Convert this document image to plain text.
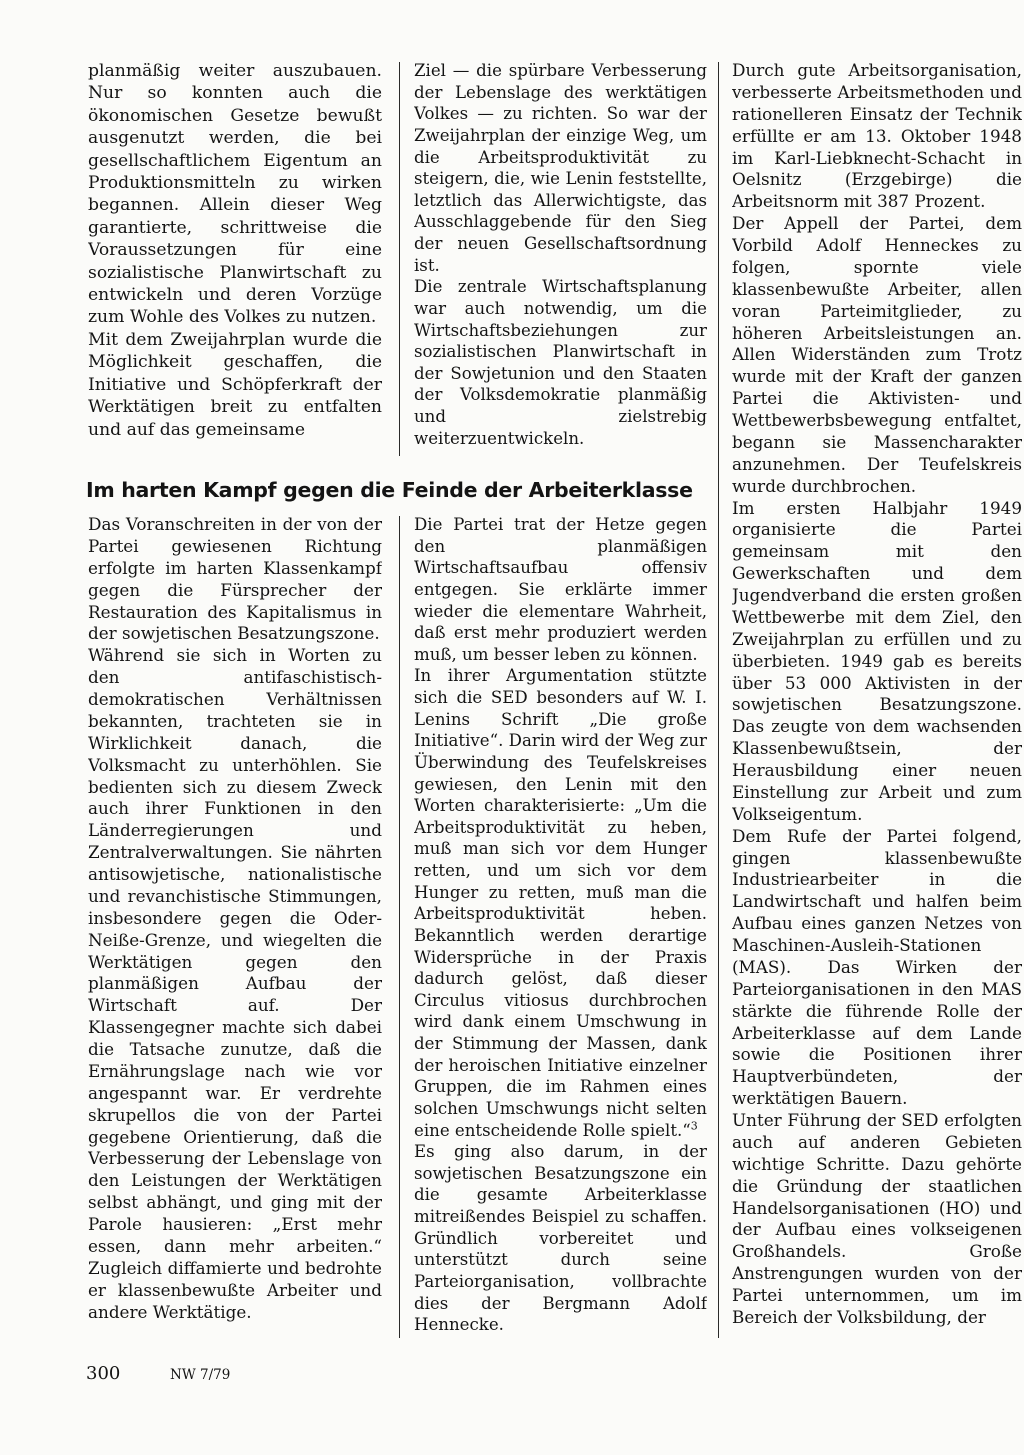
planmäßig weiter auszubauen. Nur so konnten auch die ökonomischen Gesetze bewußt ausgenutzt werden, die bei gesellschaftlichem Eigentum an Produktionsmitteln zu wirken begannen. Allein dieser Weg garantierte, schrittweise die Voraussetzungen für eine sozialistische Planwirtschaft zu entwickeln und deren Vorzüge zum Wohle des Volkes zu nutzen.

Mit dem Zweijahrplan wurde die Möglichkeit geschaffen, die Initiative und Schöpferkraft der Werktätigen breit zu entfalten und auf das gemeinsame

Ziel — die spürbare Verbesserung der Lebenslage des werktätigen Volkes — zu richten. So war der Zweijahrplan der einzige Weg, um die Arbeitsproduktivität zu steigern, die, wie Lenin feststellte, letztlich das Allerwichtigste, das Ausschlaggebende für den Sieg der neuen Gesellschaftsordnung ist.

Die zentrale Wirtschaftsplanung war auch notwendig, um die Wirtschaftsbeziehungen zur sozialistischen Planwirtschaft in der Sowjetunion und den Staaten der Volksdemokratie planmäßig und zielstrebig weiterzuentwickeln.

Durch gute Arbeitsorganisation, verbesserte Arbeitsmethoden und rationelleren Einsatz der Technik erfüllte er am 13. Oktober 1948 im Karl-Liebknecht-Schacht in Oelsnitz (Erzgebirge) die Arbeitsnorm mit 387 Prozent.

Der Appell der Partei, dem Vorbild Adolf Henneckes zu folgen, spornte viele klassenbewußte Arbeiter, allen voran Parteimitglieder, zu höheren Arbeitsleistungen an. Allen Widerständen zum Trotz wurde mit der Kraft der ganzen Partei die Aktivisten- und Wettbewerbsbewegung entfaltet, begann sie Massencharakter anzunehmen. Der Teufelskreis wurde durchbrochen.

Im ersten Halbjahr 1949 organisierte die Partei gemeinsam mit den Gewerkschaften und dem Jugendverband die ersten großen Wettbewerbe mit dem Ziel, den Zweijahrplan zu erfüllen und zu überbieten. 1949 gab es bereits über 53 000 Aktivisten in der sowjetischen Besatzungszone. Das zeugte von dem wachsenden Klassenbewußtsein, der Herausbildung einer neuen Einstellung zur Arbeit und zum Volkseigentum.

Dem Rufe der Partei folgend, gingen klassenbewußte Industriearbeiter in die Landwirtschaft und halfen beim Aufbau eines ganzen Netzes von Maschinen-Ausleih-Stationen (MAS). Das Wirken der Parteiorganisationen in den MAS stärkte die führende Rolle der Arbeiterklasse auf dem Lande sowie die Positionen ihrer Hauptverbündeten, der werktätigen Bauern.

Unter Führung der SED erfolgten auch auf anderen Gebieten wichtige Schritte. Dazu gehörte die Gründung der staatlichen Handelsorganisationen (HO) und der Aufbau eines volkseigenen Großhandels. Große Anstrengungen wurden von der Partei unternommen, um im Bereich der Volksbildung, der

Im harten Kampf gegen die Feinde der Arbeiterklasse

Das Voranschreiten in der von der Partei gewiesenen Richtung erfolgte im harten Klassenkampf gegen die Fürsprecher der Restauration des Kapitalismus in der sowjetischen Besatzungszone.

Während sie sich in Worten zu den antifaschistisch-demokratischen Verhältnissen bekannten, trachteten sie in Wirklichkeit danach, die Volksmacht zu unterhöhlen. Sie bedienten sich zu diesem Zweck auch ihrer Funktionen in den Länderregierungen und Zentralverwaltungen. Sie nährten antisowjetische, nationalistische und revanchistische Stimmungen, insbesondere gegen die Oder-Neiße-Grenze, und wiegelten die Werktätigen gegen den planmäßigen Aufbau der Wirtschaft auf. Der Klassengegner machte sich dabei die Tatsache zunutze, daß die Ernährungslage nach wie vor angespannt war. Er verdrehte skrupellos die von der Partei gegebene Orientierung, daß die Verbesserung der Lebenslage von den Leistungen der Werktätigen selbst abhängt, und ging mit der Parole hausieren: „Erst mehr essen, dann mehr arbeiten.“ Zugleich diffamierte und bedrohte er klassenbewußte Arbeiter und andere Werktätige.

Die Partei trat der Hetze gegen den planmäßigen Wirtschaftsaufbau offensiv entgegen. Sie erklärte immer wieder die elementare Wahrheit, daß erst mehr produziert werden muß, um besser leben zu können.

In ihrer Argumentation stützte sich die SED besonders auf W. I. Lenins Schrift „Die große Initiative“. Darin wird der Weg zur Überwindung des Teufelskreises gewiesen, den Lenin mit den Worten charakterisierte: „Um die Arbeitsproduktivität zu heben, muß man sich vor dem Hunger retten, und um sich vor dem Hunger zu retten, muß man die Arbeitsproduktivität heben. Bekanntlich werden derartige Widersprüche in der Praxis dadurch gelöst, daß dieser Circulus vitiosus durchbrochen wird dank einem Umschwung in der Stimmung der Massen, dank der heroischen Initiative einzelner Gruppen, die im Rahmen eines solchen Umschwungs nicht selten eine entscheidende Rolle spielt.“$^3$

Es ging also darum, in der sowjetischen Besatzungszone ein die gesamte Arbeiterklasse mitreißendes Beispiel zu schaffen. Gründlich vorbereitet und unterstützt durch seine Parteiorganisation, vollbrachte dies der Bergmann Adolf Hennecke.

300	NW 7/79
